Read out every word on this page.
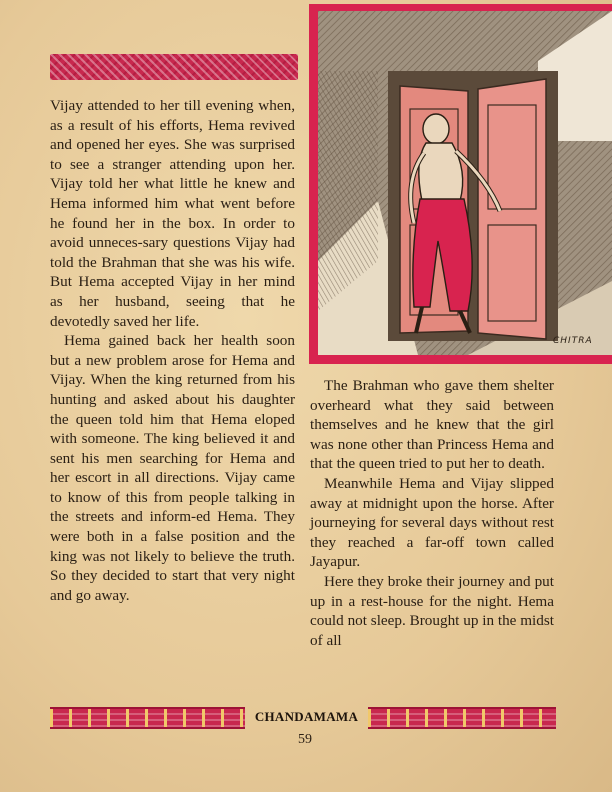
Vijay attended to her till evening when, as a result of his efforts, Hema revived and opened her eyes. She was surprised to see a stranger attending upon her. Vijay told her what little he knew and Hema informed him what went before he found her in the box. In order to avoid unneces-sary questions Vijay had told the Brahman that she was his wife. But Hema accepted Vijay in her mind as her husband, seeing that he devotedly saved her life.

Hema gained back her health soon but a new problem arose for Hema and Vijay. When the king returned from his hunting and asked about his daughter the queen told him that Hema eloped with someone. The king believed it and sent his men searching for Hema and her escort in all directions. Vijay came to know of this from people talking in the streets and inform-ed Hema. They were both in a false position and the king was not likely to believe the truth. So they decided to start that very night and go away.

CHITRA

The Brahman who gave them shelter overheard what they said between themselves and he knew that the girl was none other than Princess Hema and that the queen tried to put her to death.

Meanwhile Hema and Vijay slipped away at midnight upon the horse. After journeying for several days without rest they reached a far-off town called Jayapur.

Here they broke their journey and put up in a rest-house for the night. Hema could not sleep. Brought up in the midst of all

CHANDAMAMA
59
